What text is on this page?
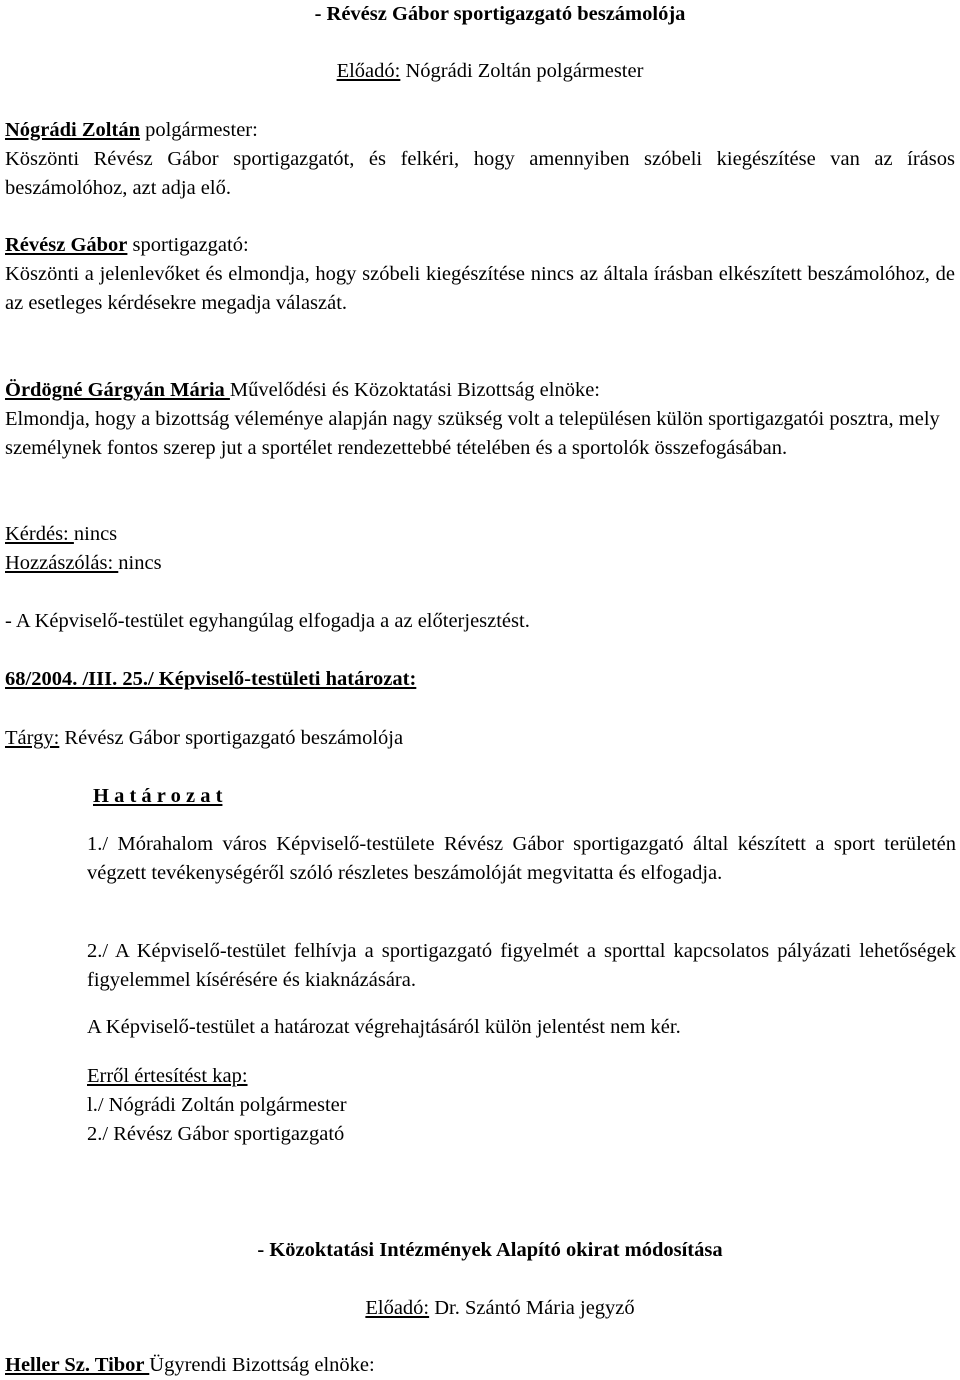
- Révész Gábor sportigazgató beszámolója
Előadó: Nógrádi Zoltán polgármester

Nógrádi Zoltán polgármester:

Köszönti Révész Gábor sportigazgatót, és felkéri, hogy amennyiben szóbeli kiegészítése van az írásos beszámolóhoz, azt adja elő.

Révész Gábor sportigazgató:

Köszönti a jelenlevőket és elmondja, hogy szóbeli kiegészítése nincs az általa írásban elkészített beszámolóhoz, de az esetleges kérdésekre megadja válaszát.

Ördögné Gárgyán Mária Művelődési és Közoktatási Bizottság elnöke:

Elmondja, hogy a bizottság véleménye alapján nagy szükség volt a településen külön sportigazgatói posztra, mely személynek fontos szerep jut a sportélet rendezettebbé tételében és a sportolók összefogásában.

Kérdés: nincs
Hozzászólás: nincs
- A Képviselő-testület egyhangúlag elfogadja a az előterjesztést.
68/2004. /III. 25./ Képviselő-testületi határozat:
Tárgy: Révész Gábor sportigazgató beszámolója
H a t á r o z a t
1./ Mórahalom város Képviselő-testülete Révész Gábor sportigazgató által készített a sport területén végzett tevékenységéről szóló részletes beszámolóját megvitatta és elfogadja.
2./ A Képviselő-testület felhívja a sportigazgató figyelmét a sporttal kapcsolatos pályázati lehetőségek figyelemmel kísérésére és kiaknázására.
A Képviselő-testület a határozat végrehajtásáról külön jelentést nem kér.

Erről értesítést kap:

l./ Nógrádi Zoltán polgármester

2./ Révész Gábor sportigazgató

- Közoktatási Intézmények Alapító okirat módosítása
Előadó: Dr. Szántó Mária jegyző
Heller Sz. Tibor Ügyrendi Bizottság elnöke:
